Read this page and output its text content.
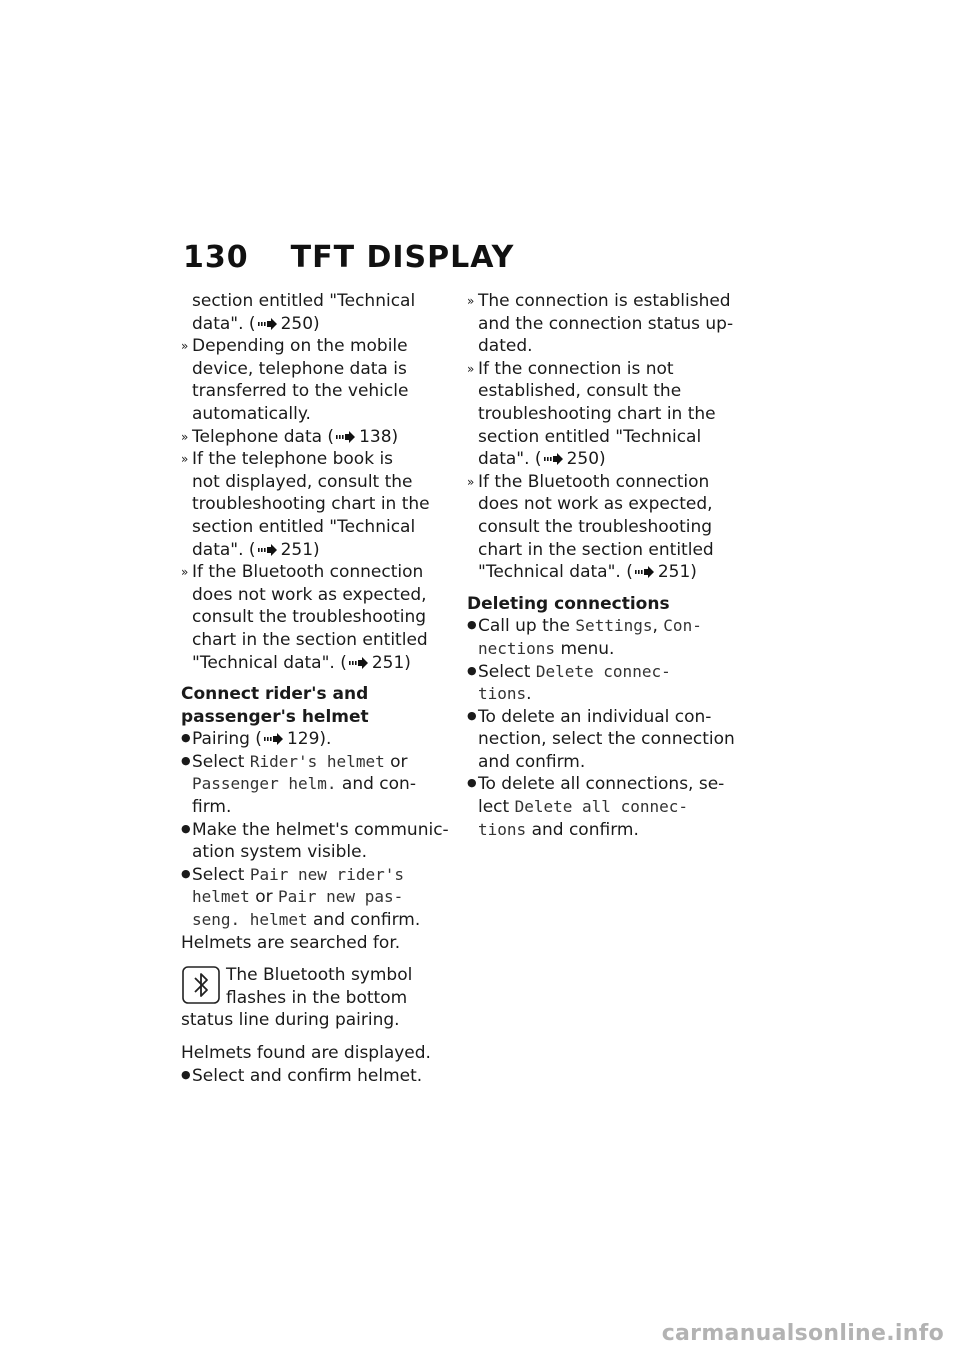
130 TFT DISPLAY
section entitled "Technical
data". ( 250)
» Depending on the mobile
device, telephone data is
transferred to the vehicle
automatically.
» Telephone data ( 138)
» If the telephone book is
not displayed, consult the
troubleshooting chart in the
section entitled "Technical
data". ( 251)
» If the Bluetooth connection
does not work as expected,
consult the troubleshooting
chart in the section entitled
"Technical data". ( 251)
Connect rider's and
passenger's helmet
● Pairing ( 129).
● Select Rider's helmet or
Passenger helm. and con-
firm.
● Make the helmet's communic-
ation system visible.
● Select Pair new rider's
helmet or Pair new pas-
seng. helmet and confirm.
Helmets are searched for.
The Bluetooth symbol
flashes in the bottom
status line during pairing.
Helmets found are displayed.
● Select and confirm helmet.
» The connection is established
and the connection status up-
dated.
» If the connection is not
established, consult the
troubleshooting chart in the
section entitled "Technical
data". ( 250)
» If the Bluetooth connection
does not work as expected,
consult the troubleshooting
chart in the section entitled
"Technical data". ( 251)
Deleting connections
● Call up the Settings, Con-
nections menu.
● Select Delete connec-
tions.
● To delete an individual con-
nection, select the connection
and confirm.
● To delete all connections, se-
lect Delete all connec-
tions and confirm.
carmanualsonline.info
